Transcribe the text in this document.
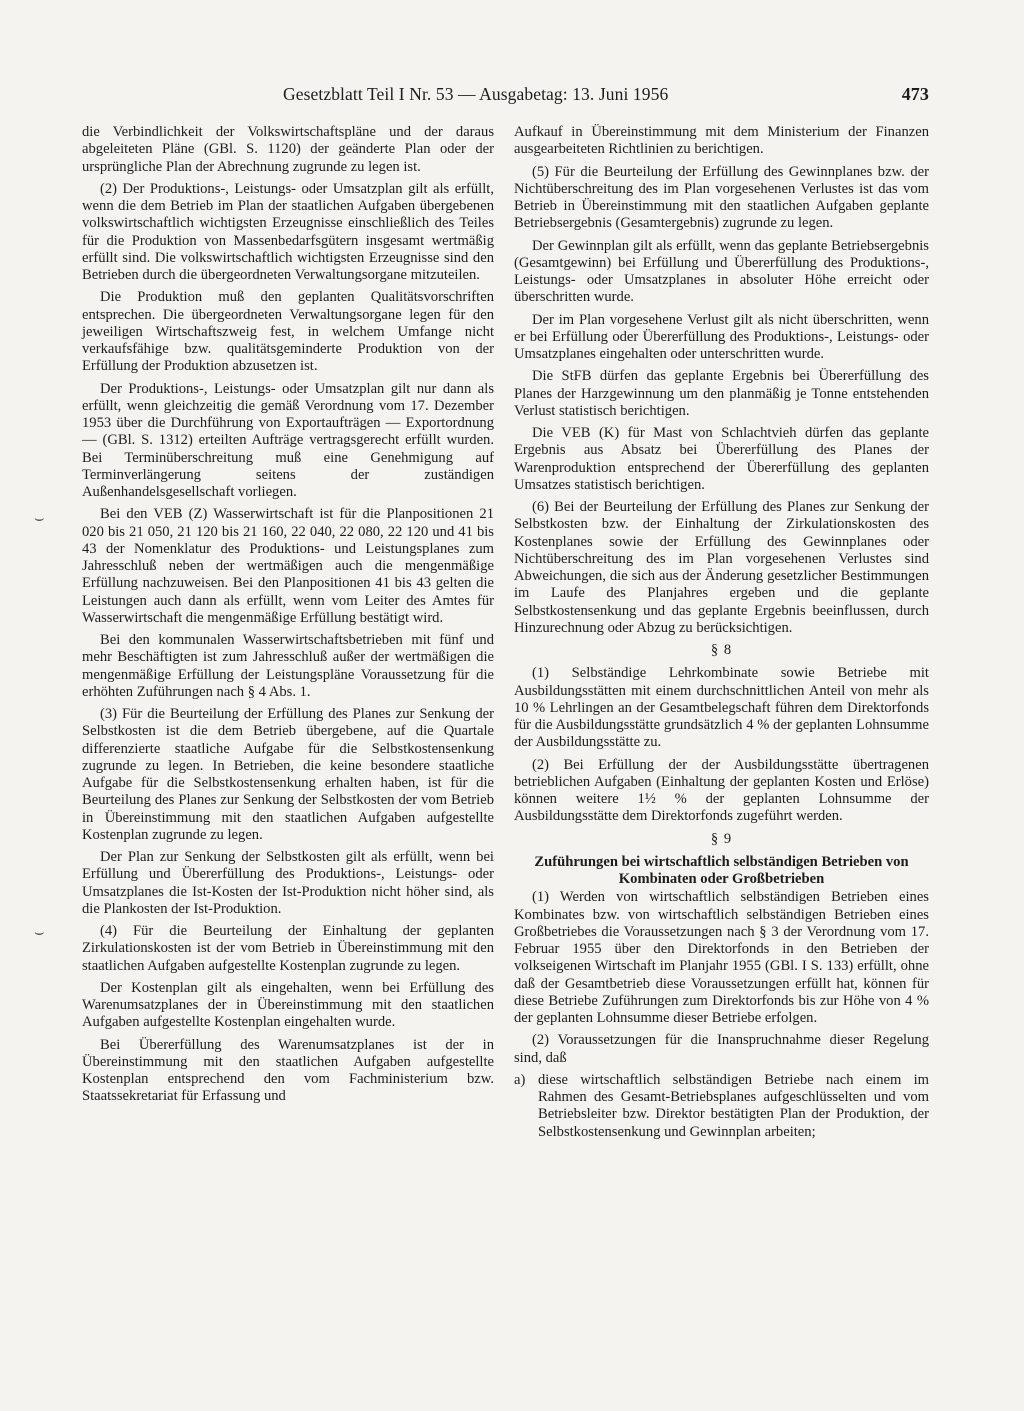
Gesetzblatt Teil I Nr. 53 — Ausgabetag: 13. Juni 1956	473
die Verbindlichkeit der Volkswirtschaftspläne und der daraus abgeleiteten Pläne (GBl. S. 1120) der geänderte Plan oder der ursprüngliche Plan der Abrechnung zugrunde zu legen ist.
(2) Der Produktions-, Leistungs- oder Umsatzplan gilt als erfüllt, wenn die dem Betrieb im Plan der staatlichen Aufgaben übergebenen volkswirtschaftlich wichtigsten Erzeugnisse einschließlich des Teiles für die Produktion von Massenbedarfsgütern insgesamt wertmäßig erfüllt sind. Die volkswirtschaftlich wichtigsten Erzeugnisse sind den Betrieben durch die übergeordneten Verwaltungsorgane mitzuteilen.
Die Produktion muß den geplanten Qualitätsvorschriften entsprechen. Die übergeordneten Verwaltungsorgane legen für den jeweiligen Wirtschaftszweig fest, in welchem Umfange nicht verkaufsfähige bzw. qualitätsgeminderte Produktion von der Erfüllung der Produktion abzusetzen ist.
Der Produktions-, Leistungs- oder Umsatzplan gilt nur dann als erfüllt, wenn gleichzeitig die gemäß Verordnung vom 17. Dezember 1953 über die Durchführung von Exportaufträgen — Exportordnung — (GBl. S. 1312) erteilten Aufträge vertragsgerecht erfüllt wurden. Bei Terminüberschreitung muß eine Genehmigung auf Terminverlängerung seitens der zuständigen Außenhandelsgesellschaft vorliegen.
Bei den VEB (Z) Wasserwirtschaft ist für die Planpositionen 21 020 bis 21 050, 21 120 bis 21 160, 22 040, 22 080, 22 120 und 41 bis 43 der Nomenklatur des Produktions- und Leistungsplanes zum Jahresschluß neben der wertmäßigen auch die mengenmäßige Erfüllung nachzuweisen. Bei den Planpositionen 41 bis 43 gelten die Leistungen auch dann als erfüllt, wenn vom Leiter des Amtes für Wasserwirtschaft die mengenmäßige Erfüllung bestätigt wird.
Bei den kommunalen Wasserwirtschaftsbetrieben mit fünf und mehr Beschäftigten ist zum Jahresschluß außer der wertmäßigen die mengenmäßige Erfüllung der Leistungspläne Voraussetzung für die erhöhten Zuführungen nach § 4 Abs. 1.
(3) Für die Beurteilung der Erfüllung des Planes zur Senkung der Selbstkosten ist die dem Betrieb übergebene, auf die Quartale differenzierte staatliche Aufgabe für die Selbstkostensenkung zugrunde zu legen. In Betrieben, die keine besondere staatliche Aufgabe für die Selbstkostensenkung erhalten haben, ist für die Beurteilung des Planes zur Senkung der Selbstkosten der vom Betrieb in Übereinstimmung mit den staatlichen Aufgaben aufgestellte Kostenplan zugrunde zu legen.
Der Plan zur Senkung der Selbstkosten gilt als erfüllt, wenn bei Erfüllung und Übererfüllung des Produktions-, Leistungs- oder Umsatzplanes die Ist-Kosten der Ist-Produktion nicht höher sind, als die Plankosten der Ist-Produktion.
(4) Für die Beurteilung der Einhaltung der geplanten Zirkulationskosten ist der vom Betrieb in Übereinstimmung mit den staatlichen Aufgaben aufgestellte Kostenplan zugrunde zu legen.
Der Kostenplan gilt als eingehalten, wenn bei Erfüllung des Warenumsatzplanes der in Übereinstimmung mit den staatlichen Aufgaben aufgestellte Kostenplan eingehalten wurde.
Bei Übererfüllung des Warenumsatzplanes ist der in Übereinstimmung mit den staatlichen Aufgaben aufgestellte Kostenplan entsprechend den vom Fachministerium bzw. Staatssekretariat für Erfassung und
Aufkauf in Übereinstimmung mit dem Ministerium der Finanzen ausgearbeiteten Richtlinien zu berichtigen.
(5) Für die Beurteilung der Erfüllung des Gewinnplanes bzw. der Nichtüberschreitung des im Plan vorgesehenen Verlustes ist das vom Betrieb in Übereinstimmung mit den staatlichen Aufgaben geplante Betriebsergebnis (Gesamtergebnis) zugrunde zu legen.
Der Gewinnplan gilt als erfüllt, wenn das geplante Betriebsergebnis (Gesamtgewinn) bei Erfüllung und Übererfüllung des Produktions-, Leistungs- oder Umsatzplanes in absoluter Höhe erreicht oder überschritten wurde.
Der im Plan vorgesehene Verlust gilt als nicht überschritten, wenn er bei Erfüllung oder Übererfüllung des Produktions-, Leistungs- oder Umsatzplanes eingehalten oder unterschritten wurde.
Die StFB dürfen das geplante Ergebnis bei Übererfüllung des Planes der Harzgewinnung um den planmäßig je Tonne entstehenden Verlust statistisch berichtigen.
Die VEB (K) für Mast von Schlachtvieh dürfen das geplante Ergebnis aus Absatz bei Übererfüllung des Planes der Warenproduktion entsprechend der Übererfüllung des geplanten Umsatzes statistisch berichtigen.
(6) Bei der Beurteilung der Erfüllung des Planes zur Senkung der Selbstkosten bzw. der Einhaltung der Zirkulationskosten des Kostenplanes sowie der Erfüllung des Gewinnplanes oder Nichtüberschreitung des im Plan vorgesehenen Verlustes sind Abweichungen, die sich aus der Änderung gesetzlicher Bestimmungen im Laufe des Planjahres ergeben und die geplante Selbstkostensenkung und das geplante Ergebnis beeinflussen, durch Hinzurechnung oder Abzug zu berücksichtigen.
§ 8
(1) Selbständige Lehrkombinate sowie Betriebe mit Ausbildungsstätten mit einem durchschnittlichen Anteil von mehr als 10 % Lehrlingen an der Gesamtbelegschaft führen dem Direktorfonds für die Ausbildungsstätte grundsätzlich 4 % der geplanten Lohnsumme der Ausbildungsstätte zu.
(2) Bei Erfüllung der der Ausbildungsstätte übertragenen betrieblichen Aufgaben (Einhaltung der geplanten Kosten und Erlöse) können weitere 1½ % der geplanten Lohnsumme der Ausbildungsstätte dem Direktorfonds zugeführt werden.
§ 9
Zuführungen bei wirtschaftlich selbständigen Betrieben von Kombinaten oder Großbetrieben
(1) Werden von wirtschaftlich selbständigen Betrieben eines Kombinates bzw. von wirtschaftlich selbständigen Betrieben eines Großbetriebes die Voraussetzungen nach § 3 der Verordnung vom 17. Februar 1955 über den Direktorfonds in den Betrieben der volkseigenen Wirtschaft im Planjahr 1955 (GBl. I S. 133) erfüllt, ohne daß der Gesamtbetrieb diese Voraussetzungen erfüllt hat, können für diese Betriebe Zuführungen zum Direktorfonds bis zur Höhe von 4 % der geplanten Lohnsumme dieser Betriebe erfolgen.
(2) Voraussetzungen für die Inanspruchnahme dieser Regelung sind, daß
a) diese wirtschaftlich selbständigen Betriebe nach einem im Rahmen des Gesamt-Betriebsplanes aufgeschlüsselten und vom Betriebsleiter bzw. Direktor bestätigten Plan der Produktion, der Selbstkostensenkung und Gewinnplan arbeiten;
⌣
⌣
